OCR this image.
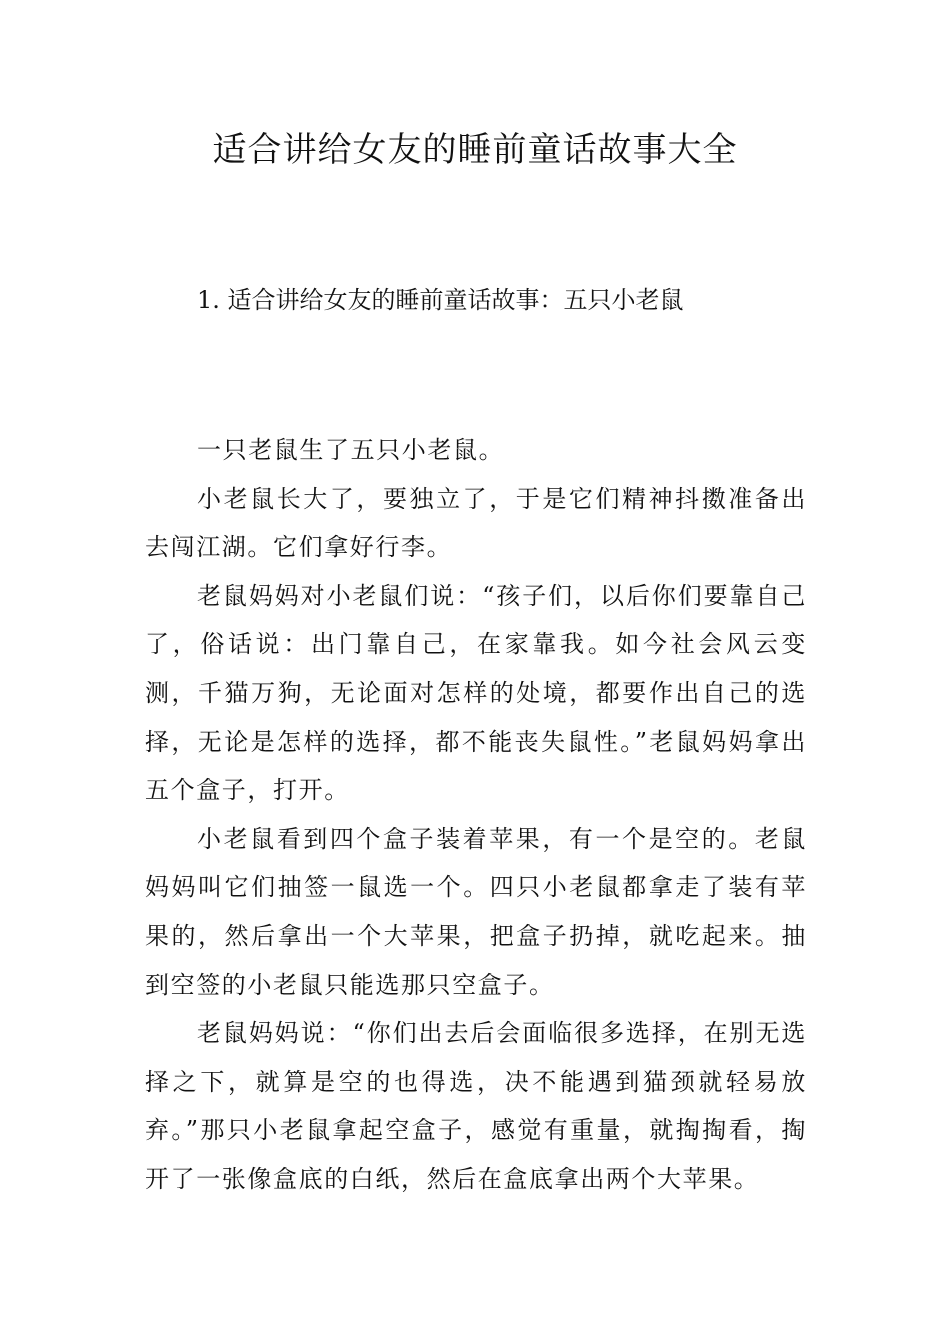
适合讲给女友的睡前童话故事大全
1. 适合讲给女友的睡前童话故事：五只小老鼠

一只老鼠生了五只小老鼠。

小老鼠长大了，要独立了，于是它们精神抖擞准备出去闯江湖。它们拿好行李。

老鼠妈妈对小老鼠们说：“孩子们，以后你们要靠自己了，俗话说：出门靠自己，在家靠我。如今社会风云变测，千猫万狗，无论面对怎样的处境，都要作出自己的选择，无论是怎样的选择，都不能丧失鼠性。”老鼠妈妈拿出五个盒子，打开。

小老鼠看到四个盒子装着苹果，有一个是空的。老鼠妈妈叫它们抽签一鼠选一个。四只小老鼠都拿走了装有苹果的，然后拿出一个大苹果，把盒子扔掉，就吃起来。抽到空签的小老鼠只能选那只空盒子。

老鼠妈妈说：“你们出去后会面临很多选择，在别无选择之下，就算是空的也得选，决不能遇到猫颈就轻易放弃。”那只小老鼠拿起空盒子，感觉有重量，就掏掏看，掏开了一张像盒底的白纸，然后在盒底拿出两个大苹果。
